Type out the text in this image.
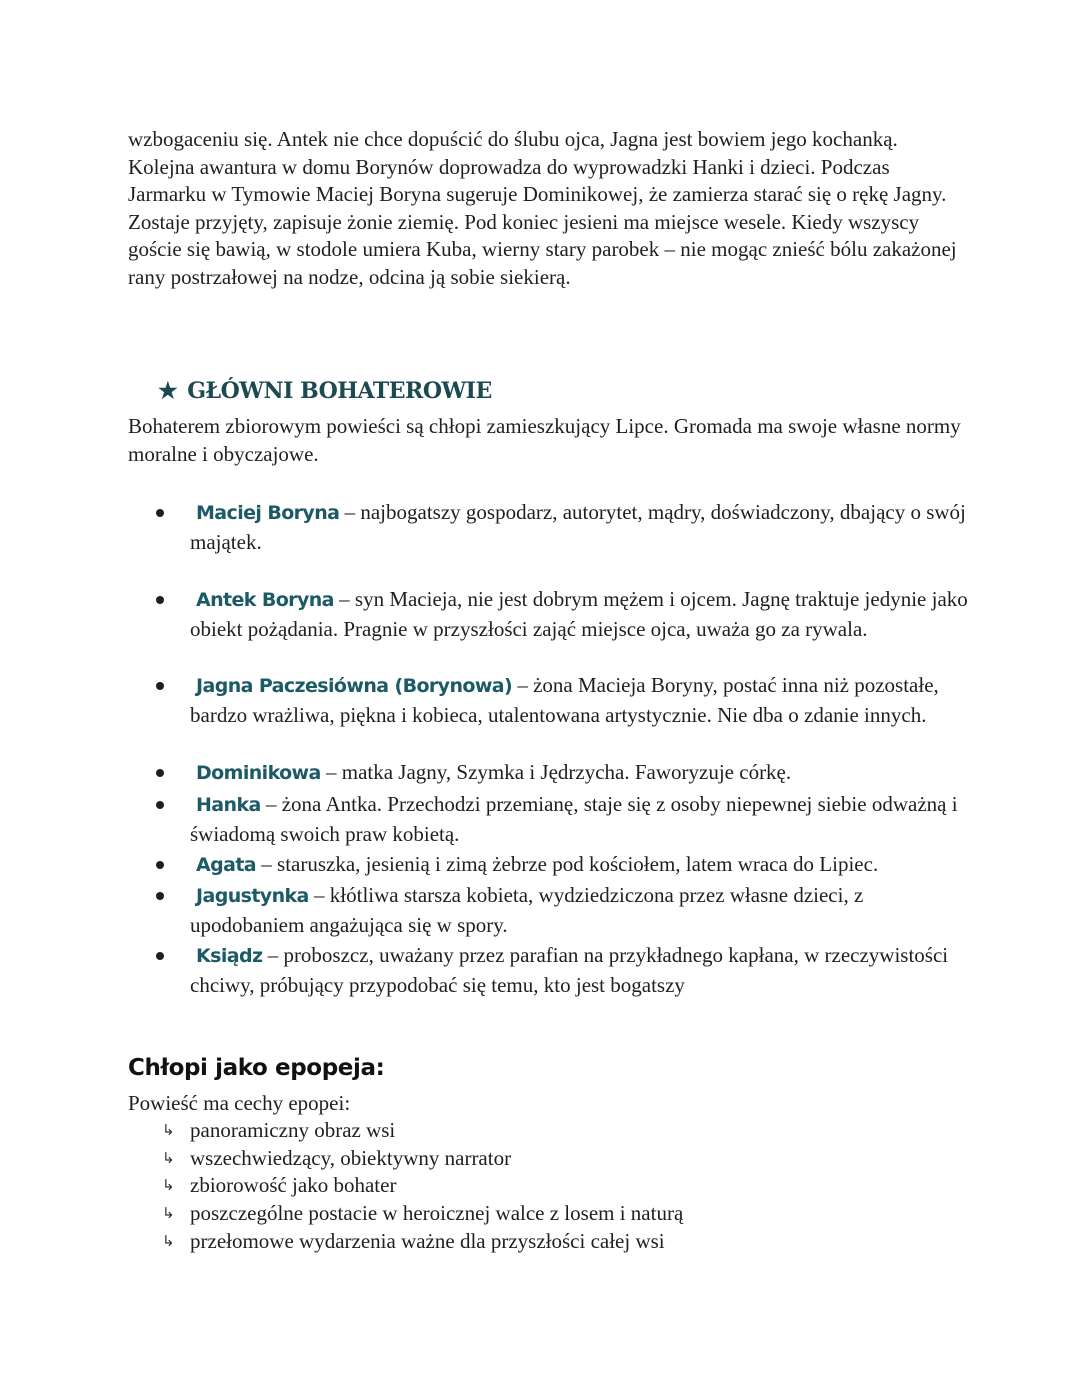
wzbogaceniu się. Antek nie chce dopuścić do ślubu ojca, Jagna jest bowiem jego kochanką. Kolejna awantura w domu Borynów doprowadza do wyprowadzki Hanki i dzieci. Podczas Jarmarku w Tymowie Maciej Boryna sugeruje Dominikowej, że zamierza starać się o rękę Jagny. Zostaje przyjęty, zapisuje żonie ziemię. Pod koniec jesieni ma miejsce wesele. Kiedy wszyscy goście się bawią, w stodole umiera Kuba, wierny stary parobek – nie mogąc znieść bólu zakażonej rany postrzałowej na nodze, odcina ją sobie siekierą.

★ GŁÓWNI BOHATEROWIE

Bohaterem zbiorowym powieści są chłopi zamieszkujący Lipce. Gromada ma swoje własne normy moralne i obyczajowe.

Maciej Boryna – najbogatszy gospodarz, autorytet, mądry, doświadczony, dbający o swój majątek.
Antek Boryna – syn Macieja, nie jest dobrym mężem i ojcem. Jagnę traktuje jedynie jako obiekt pożądania. Pragnie w przyszłości zająć miejsce ojca, uważa go za rywala.
Jagna Paczesiówna (Borynowa) – żona Macieja Boryny, postać inna niż pozostałe, bardzo wrażliwa, piękna i kobieca, utalentowana artystycznie. Nie dba o zdanie innych.
Dominikowa – matka Jagny, Szymka i Jędrzycha. Faworyzuje córkę.
Hanka – żona Antka. Przechodzi przemianę, staje się z osoby niepewnej siebie odważną i świadomą swoich praw kobietą.
Agata – staruszka, jesienią i zimą żebrze pod kościołem, latem wraca do Lipiec.
Jagustynka – kłótliwa starsza kobieta, wydziedziczona przez własne dzieci, z upodobaniem angażująca się w spory.
Ksiądz – proboszcz, uważany przez parafian na przykładnego kapłana, w rzeczywistości chciwy, próbujący przypodobać się temu, kto jest bogatszy
Chłopi jako epopeja:

Powieść ma cechy epopei:

↳ panoramiczny obraz wsi
↳ wszechwiedzący, obiektywny narrator
↳ zbiorowość jako bohater
↳ poszczególne postacie w heroicznej walce z losem i naturą
↳ przełomowe wydarzenia ważne dla przyszłości całej wsi
